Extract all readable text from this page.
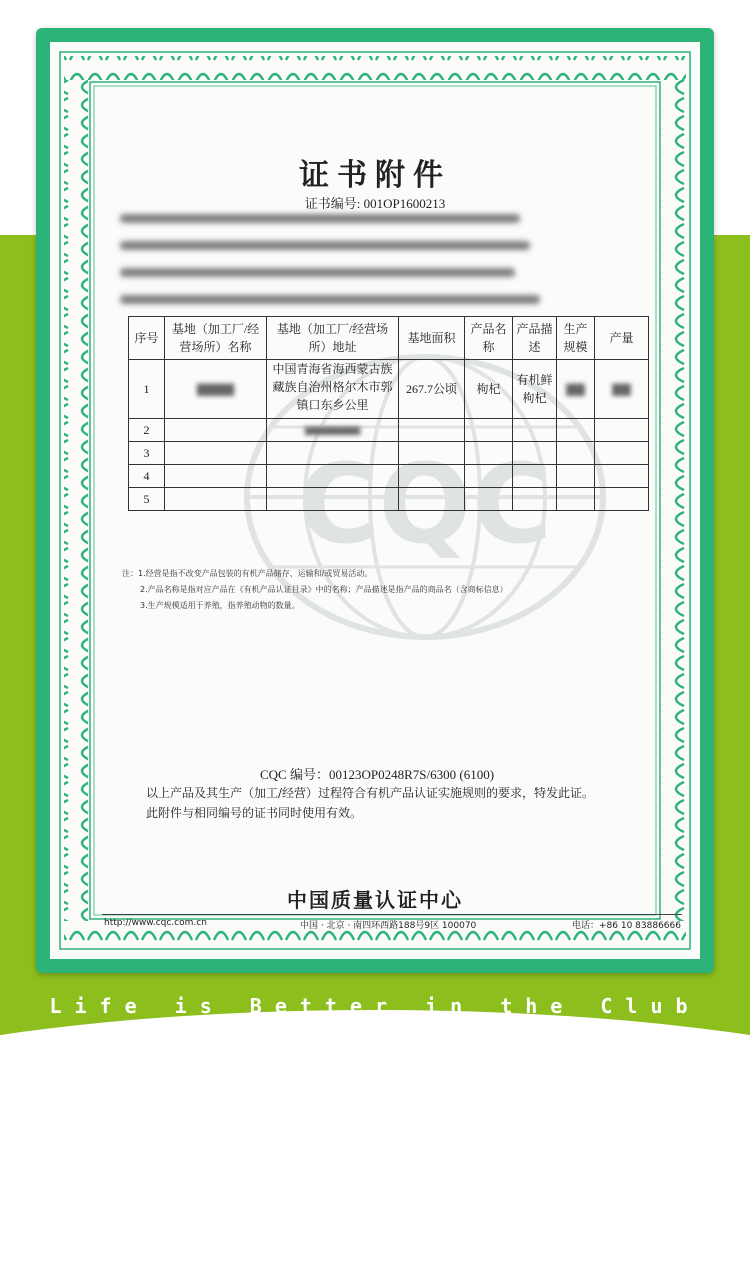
CQC
证书附件
证书编号: 001OP1600213
序号	基地（加工厂/经营场所）名称	基地（加工厂/经营场所）地址	基地面积	产品名称	产品描述	生产规模	产量
1	▇▇▇▇	中国青海省海西蒙古族藏族自治州格尔木市郭镇口东乡公里	267.7公顷	枸杞	有机鲜枸杞	▇▇	▇▇
2		▇▇▇▇▇▇▇▇▇					
3							
4							
5							
注：1.经营是指不改变产品包装的有机产品储存、运输和/或贸易活动。
2.产品名称是指对应产品在《有机产品认证目录》中的名称；产品描述是指产品的商品名（含商标信息）
3.生产规模适用于养殖，指养殖动物的数量。
CQC 编号：00123OP0248R7S/6300 (6100)
以上产品及其生产（加工/经营）过程符合有机产品认证实施规则的要求，特发此证。
此附件与相同编号的证书同时使用有效。
中国质量认证中心
http://www.cqc.com.cn	中国 · 北京 · 南四环西路188号9区 100070	电话：+86 10 83886666
Life is Better in the Club
